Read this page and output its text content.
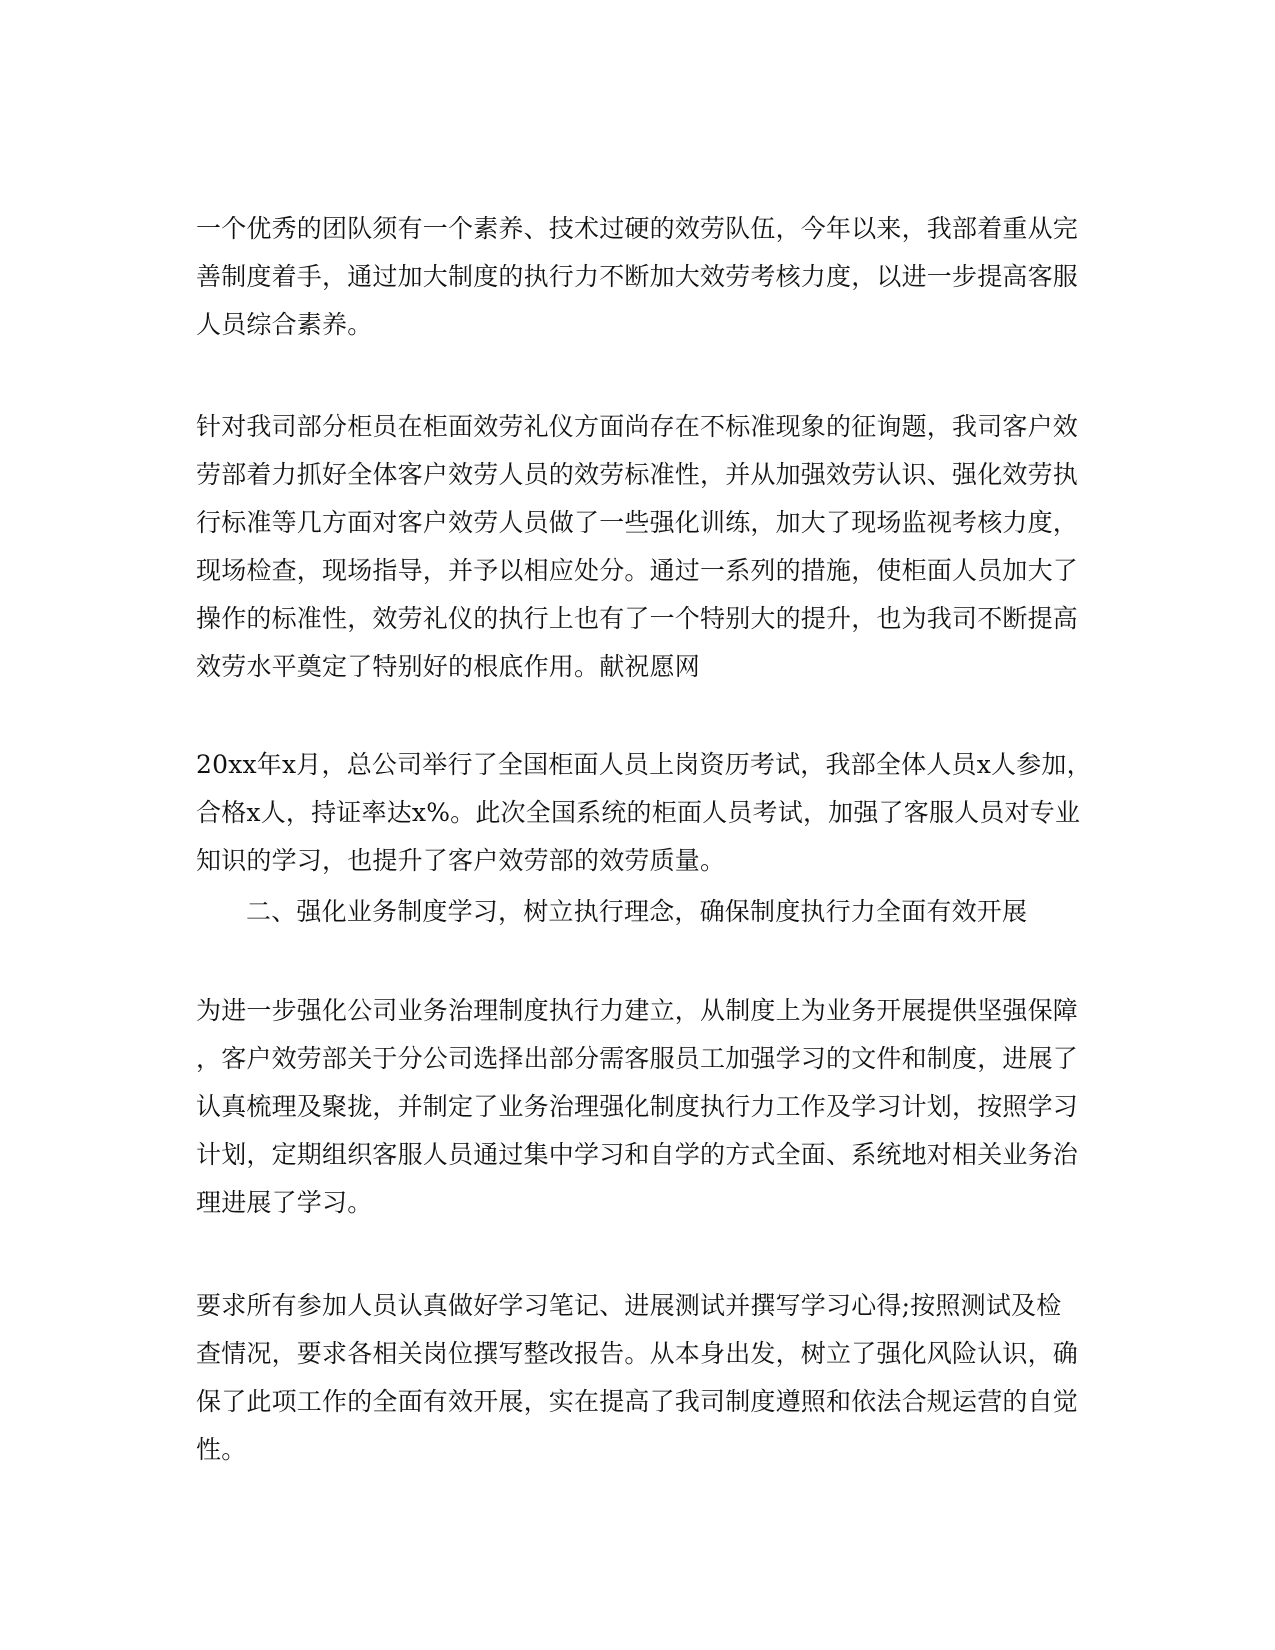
一个优秀的团队须有一个素养、技术过硬的效劳队伍，今年以来，我部着重从完
善制度着手，通过加大制度的执行力不断加大效劳考核力度，以进一步提高客服
人员综合素养。
针对我司部分柜员在柜面效劳礼仪方面尚存在不标准现象的征询题，我司客户效
劳部着力抓好全体客户效劳人员的效劳标准性，并从加强效劳认识、强化效劳执
行标准等几方面对客户效劳人员做了一些强化训练，加大了现场监视考核力度，
现场检查，现场指导，并予以相应处分。通过一系列的措施，使柜面人员加大了
操作的标准性，效劳礼仪的执行上也有了一个特别大的提升，也为我司不断提高
效劳水平奠定了特别好的根底作用。献祝愿网
20xx年x月，总公司举行了全国柜面人员上岗资历考试，我部全体人员x人参加，
合格x人，持证率达x%。此次全国系统的柜面人员考试，加强了客服人员对专业
知识的学习，也提升了客户效劳部的效劳质量。
二、强化业务制度学习，树立执行理念，确保制度执行力全面有效开展
为进一步强化公司业务治理制度执行力建立，从制度上为业务开展提供坚强保障
，客户效劳部关于分公司选择出部分需客服员工加强学习的文件和制度，进展了
认真梳理及聚拢，并制定了业务治理强化制度执行力工作及学习计划，按照学习
计划，定期组织客服人员通过集中学习和自学的方式全面、系统地对相关业务治
理进展了学习。
要求所有参加人员认真做好学习笔记、进展测试并撰写学习心得;按照测试及检
查情况，要求各相关岗位撰写整改报告。从本身出发，树立了强化风险认识，确
保了此项工作的全面有效开展，实在提高了我司制度遵照和依法合规运营的自觉
性。
